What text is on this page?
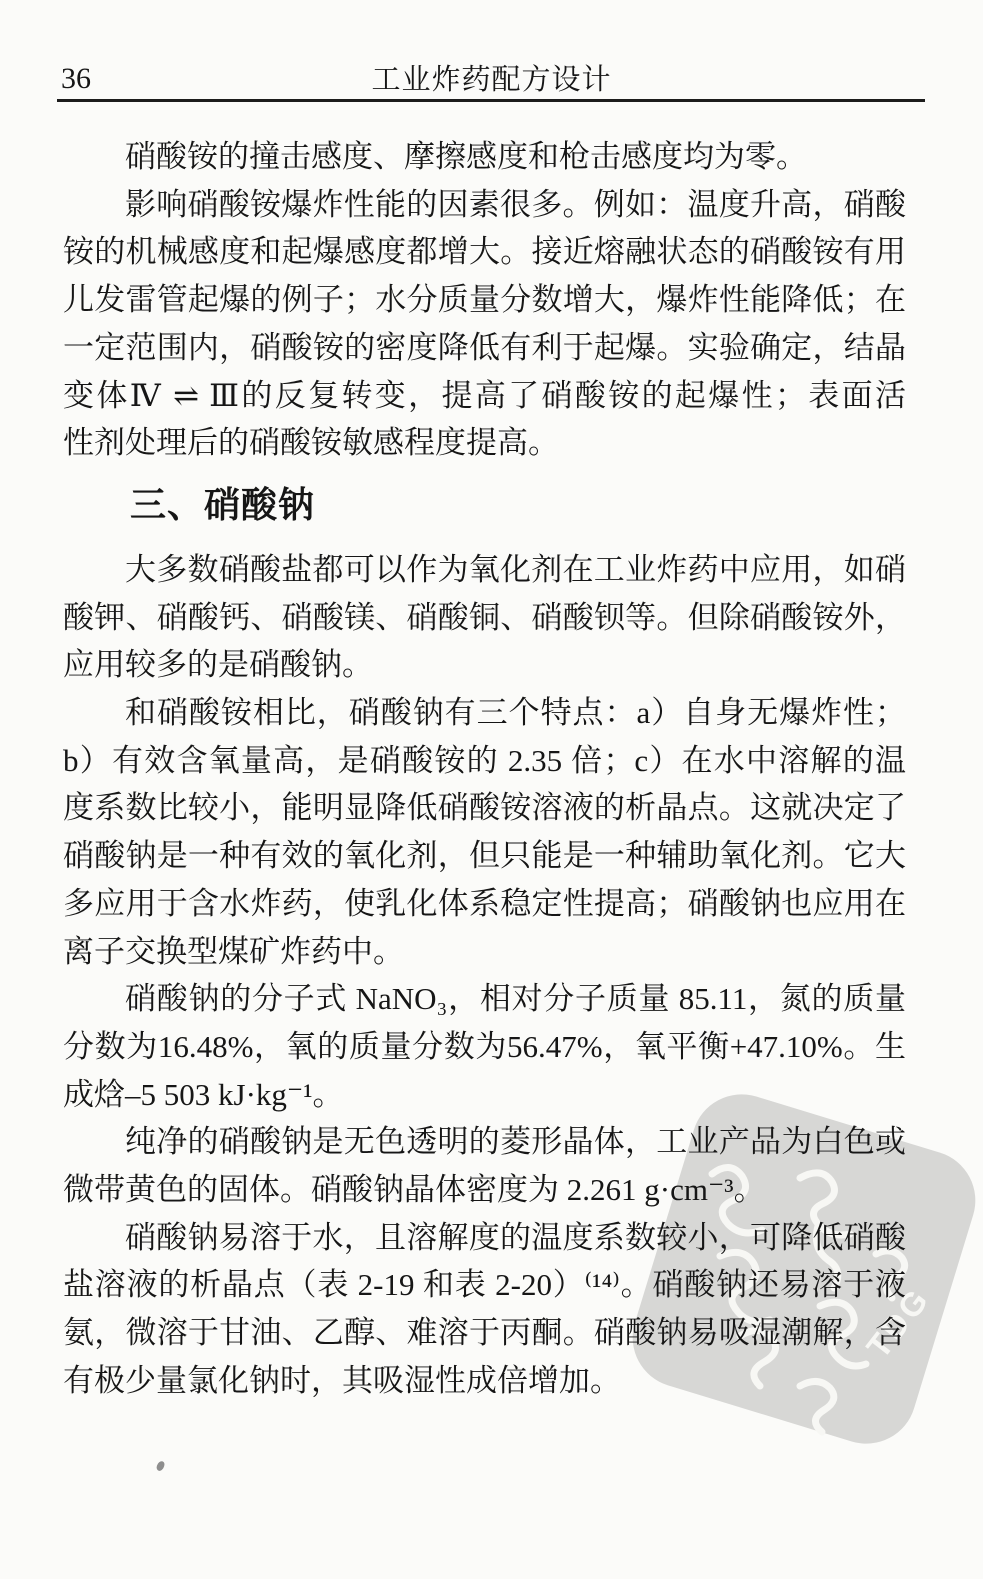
36	工业炸药配方设计
TDG
硝酸铵的撞击感度、摩擦感度和枪击感度均为零。
影响硝酸铵爆炸性能的因素很多。例如：温度升高，硝酸
铵的机械感度和起爆感度都增大。接近熔融状态的硝酸铵有用
儿发雷管起爆的例子；水分质量分数增大，爆炸性能降低；在
一定范围内，硝酸铵的密度降低有利于起爆。实验确定，结晶
变体Ⅳ ⇌ Ⅲ的反复转变，提高了硝酸铵的起爆性；表面活
性剂处理后的硝酸铵敏感程度提高。
三、硝酸钠
大多数硝酸盐都可以作为氧化剂在工业炸药中应用，如硝
酸钾、硝酸钙、硝酸镁、硝酸铜、硝酸钡等。但除硝酸铵外，
应用较多的是硝酸钠。
和硝酸铵相比，硝酸钠有三个特点：a）自身无爆炸性；
b）有效含氧量高，是硝酸铵的 2.35 倍；c）在水中溶解的温
度系数比较小，能明显降低硝酸铵溶液的析晶点。这就决定了
硝酸钠是一种有效的氧化剂，但只能是一种辅助氧化剂。它大
多应用于含水炸药，使乳化体系稳定性提高；硝酸钠也应用在
离子交换型煤矿炸药中。
硝酸钠的分子式 NaNO₃，相对分子质量 85.11，氮的质量
分数为16.48%，氧的质量分数为56.47%，氧平衡+47.10%。生
成焓–5 503 kJ·kg⁻¹。
纯净的硝酸钠是无色透明的菱形晶体，工业产品为白色或
微带黄色的固体。硝酸钠晶体密度为 2.261 g·cm⁻³。
硝酸钠易溶于水，且溶解度的温度系数较小，可降低硝酸
盐溶液的析晶点（表 2-19 和表 2-20）⁽¹⁴⁾。硝酸钠还易溶于液
氨，微溶于甘油、乙醇、难溶于丙酮。硝酸钠易吸湿潮解，含
有极少量氯化钠时，其吸湿性成倍增加。
